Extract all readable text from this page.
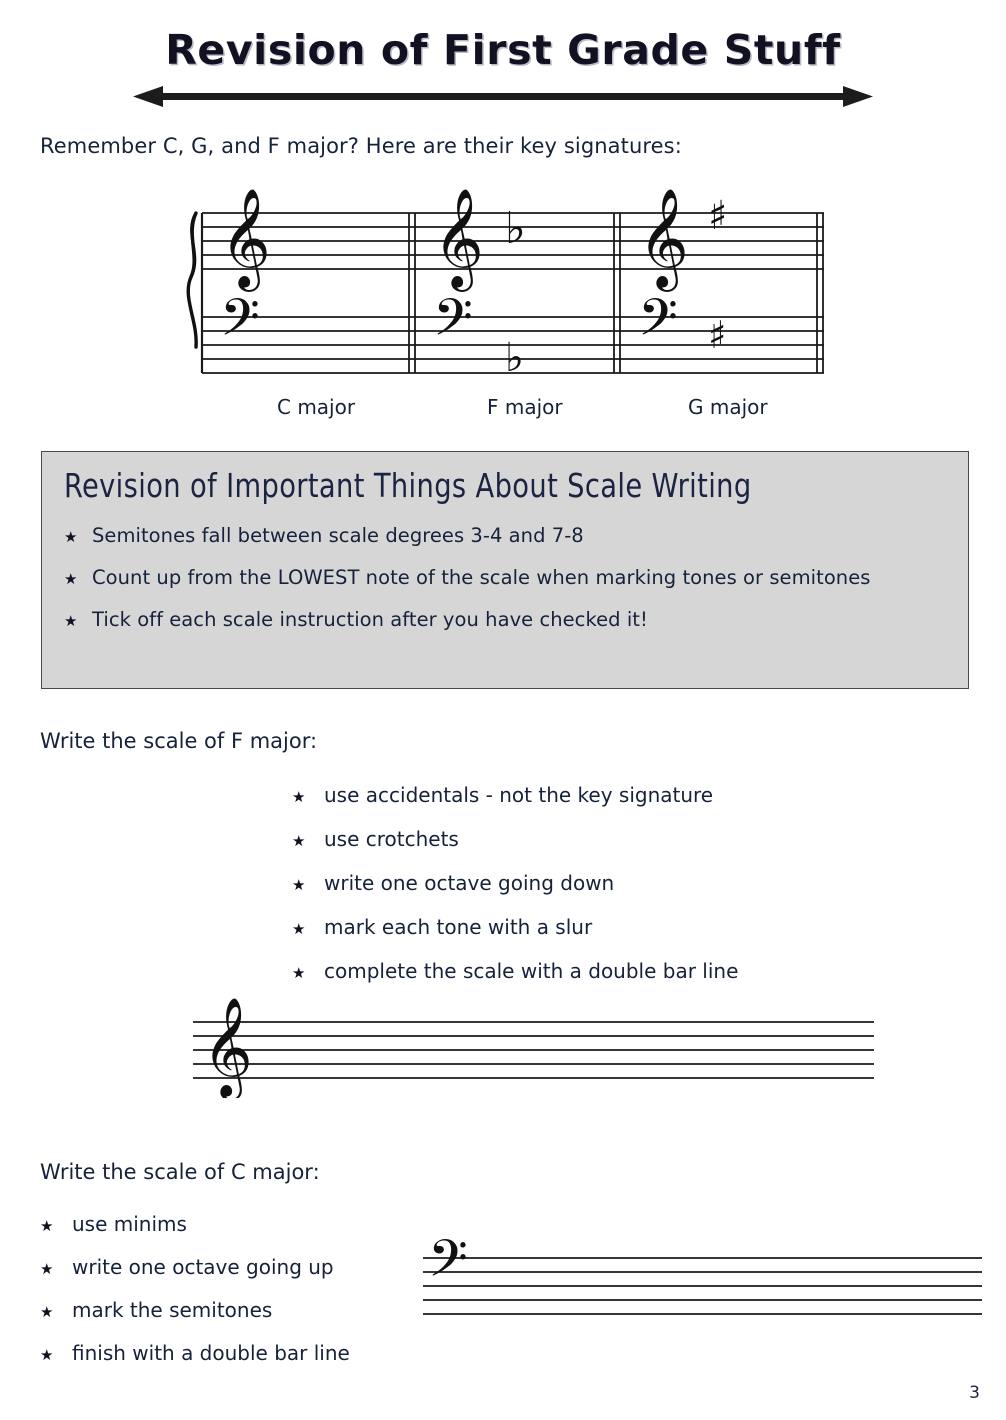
Revision of First Grade Stuff
Remember C, G, and F major? Here are their key signatures:
𝄞
𝄢
𝄞 ♭
𝄢 ♭
𝄞 ♯
𝄢 ♯
C major	F major	G major
Revision of Important Things About Scale Writing
★ Semitones fall between scale degrees 3-4 and 7-8
★ Count up from the LOWEST note of the scale when marking tones or semitones
★ Tick off each scale instruction after you have checked it!
Write the scale of F major:
★ use accidentals - not the key signature
★ use crotchets
★ write one octave going down
★ mark each tone with a slur
★ complete the scale with a double bar line
𝄞
Write the scale of C major:
★ use minims
★ write one octave going up
★ mark the semitones
★ finish with a double bar line
𝄢
3
